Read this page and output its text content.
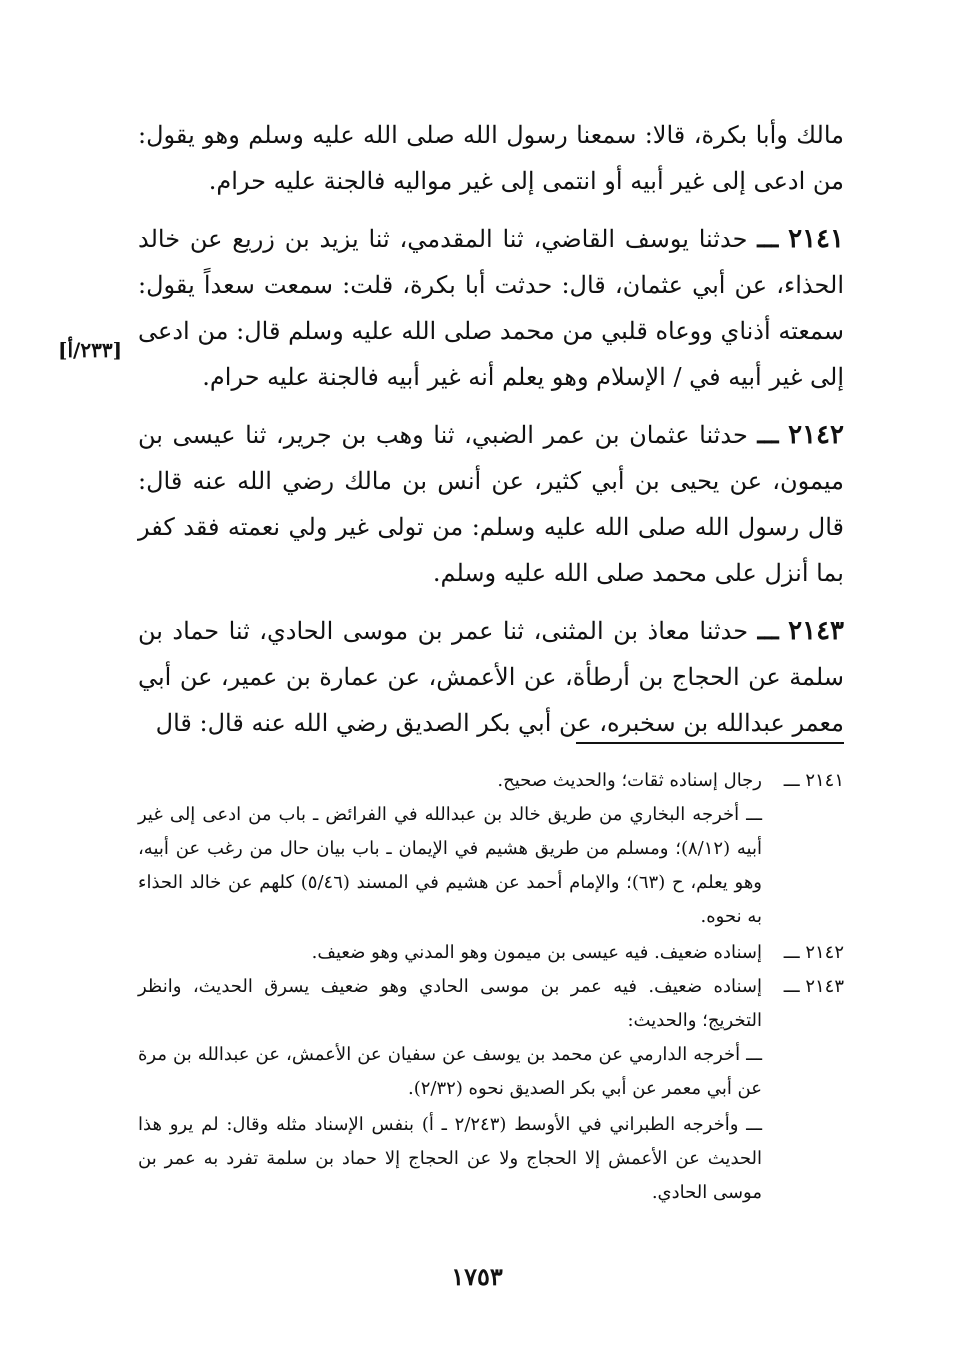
مالك وأبا بكرة، قالا: سمعنا رسول الله صلى الله عليه وسلم وهو يقول: من ادعى إلى غير أبيه أو انتمى إلى غير مواليه فالجنة عليه حرام.

٢١٤١ ـــ حدثنا يوسف القاضي، ثنا المقدمي، ثنا يزيد بن زريع عن خالد الحذاء، عن أبي عثمان، قال: حدثت أبا بكرة، قلت: سمعت سعداً يقول: سمعته أذناي ووعاه قلبي من محمد صلى الله عليه وسلم قال: من ادعى إلى غير أبيه في / الإسلام وهو يعلم أنه غير أبيه فالجنة عليه حرام.

٢١٤٢ ـــ حدثنا عثمان بن عمر الضبي، ثنا وهب بن جرير، ثنا عيسى بن ميمون، عن يحيى بن أبي كثير، عن أنس بن مالك رضي الله عنه قال: قال رسول الله صلى الله عليه وسلم: من تولى غير ولي نعمته فقد كفر بما أنزل على محمد صلى الله عليه وسلم.

٢١٤٣ ـــ حدثنا معاذ بن المثنى، ثنا عمر بن موسى الحادي، ثنا حماد بن سلمة عن الحجاج بن أرطأة، عن الأعمش، عن عمارة بن عمير، عن أبي معمر عبدالله بن سخبره، عن أبي بكر الصديق رضي الله عنه قال: قال

[٢٣٣/أ]
٢١٤١ ـــ

رجال إسناده ثقات؛ والحديث صحيح.

ـــ أخرجه البخاري من طريق خالد بن عبدالله في الفرائض ـ باب من ادعى إلى غير أبيه (٨/١٢)؛ ومسلم من طريق هشيم في الإيمان ـ باب بيان حال من رغب عن أبيه، وهو يعلم، ح (٦٣)؛ والإمام أحمد عن هشيم في المسند (٥/٤٦) كلهم عن خالد الحذاء به نحوه.

٢١٤٢ ـــ

إسناده ضعيف. فيه عيسى بن ميمون وهو المدني وهو ضعيف.

٢١٤٣ ـــ

إسناده ضعيف. فيه عمر بن موسى الحادي وهو ضعيف يسرق الحديث، وانظر التخريج؛ والحديث:

ـــ أخرجه الدارمي عن محمد بن يوسف عن سفيان عن الأعمش، عن عبدالله بن مرة عن أبي معمر عن أبي بكر الصديق نحوه (٢/٣٢).

ـــ وأخرجه الطبراني في الأوسط (٢/٢٤٣ ـ أ) بنفس الإسناد مثله وقال: لم يرو هذا الحديث عن الأعمش إلا الحجاج ولا عن الحجاج إلا حماد بن سلمة تفرد به عمر بن موسى الحادي.

١٧٥٣
